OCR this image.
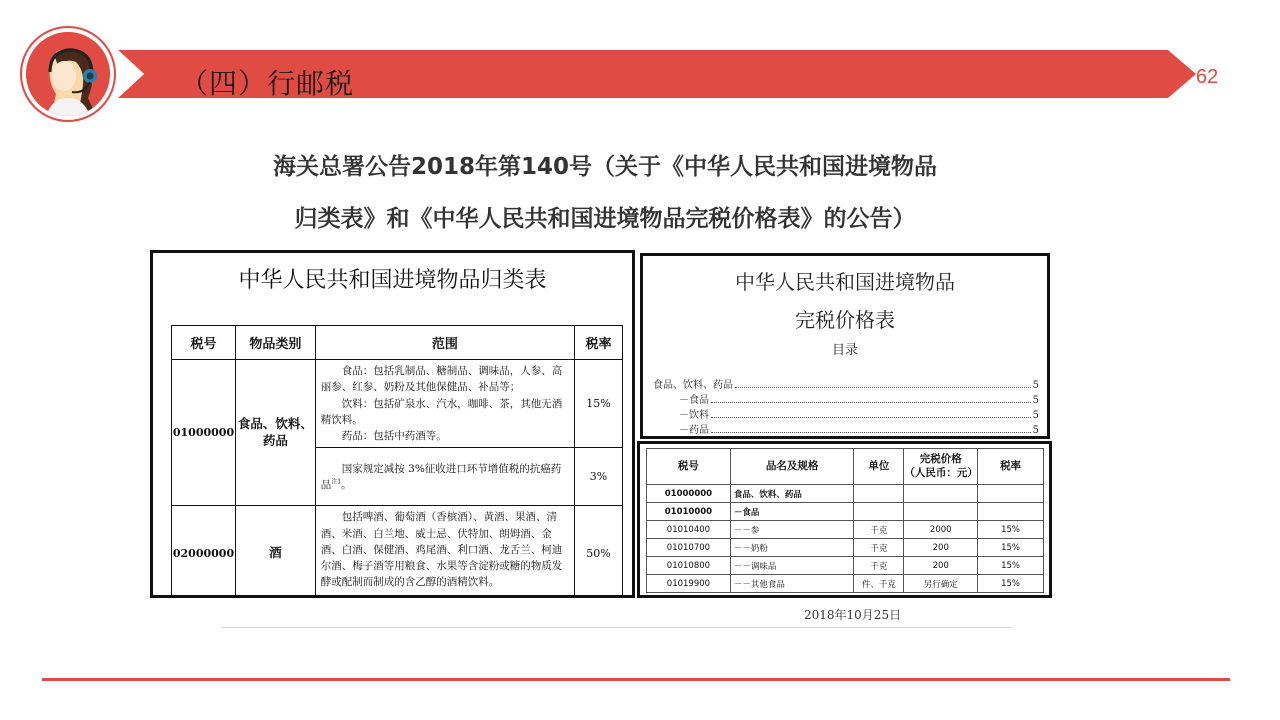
（四）行邮税	62
海关总署公告2018年第140号（关于《中华人民共和国进境物品
归类表》和《中华人民共和国进境物品完税价格表》的公告）
中华人民共和国进境物品归类表
税号	物品类别	范围	税率
01000000	食品、饮料、药品	食品：包括乳制品、糖制品、调味品，人参、高丽参、红参、奶粉及其他保健品、补品等；
饮料：包括矿泉水、汽水，咖啡、茶，其他无酒精饮料。
药品：包括中药酒等。	15%

		国家规定减按 3%征收进口环节增值税的抗癌药品$^{注1}$。	3%
02000000	酒	包括啤酒、葡萄酒（香槟酒）、黄酒、果酒、清酒、米酒、白兰地、威士忌、伏特加、朗姆酒、金酒、白酒、保健酒、鸡尾酒、利口酒、龙舌兰、柯迪尔酒、梅子酒等用粮食、水果等含淀粉或糖的物质发酵或配制而制成的含乙醇的酒精饮料。	50%
中华人民共和国进境物品
完税价格表
目录
食品、饮料、药品	5
－食品	5
－饮料	5
－药品	5
税号	品名及规格	单位	完税价格
（人民币：元）	税率
01000000	食品、饮料、药品			
01010000	－食品			
01010400	－－参	千克	2000	15%
01010700	－－奶粉	千克	200	15%
01010800	－－调味品	千克	200	15%
01019900	－－其他食品	件、千克	另行确定	15%
2018年10月25日
